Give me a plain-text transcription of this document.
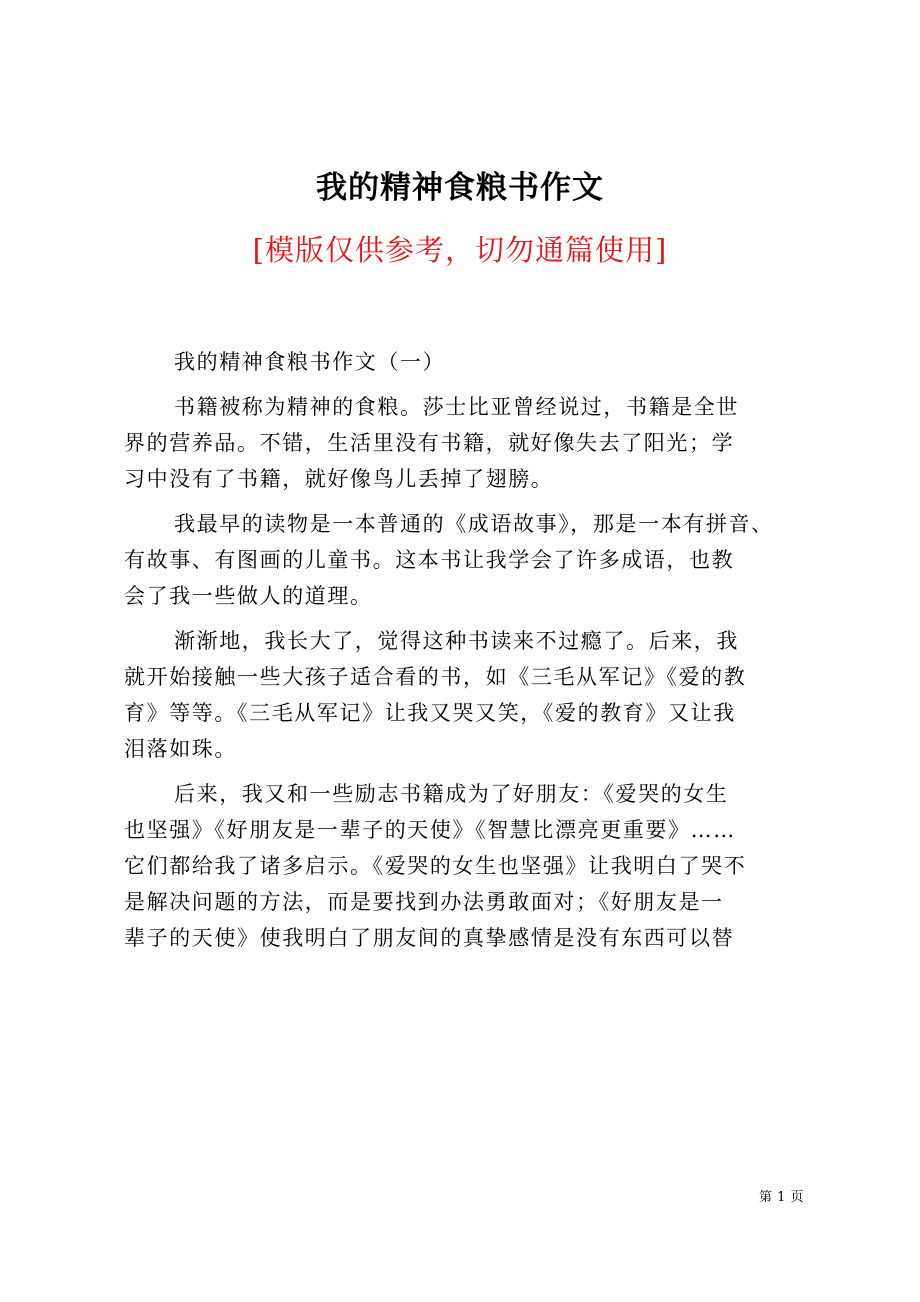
我的精神食粮书作文
[模版仅供参考，切勿通篇使用]
我的精神食粮书作文（一）
书籍被称为精神的食粮。莎士比亚曾经说过，书籍是全世
界的营养品。不错，生活里没有书籍，就好像失去了阳光；学
习中没有了书籍，就好像鸟儿丢掉了翅膀。
我最早的读物是一本普通的《成语故事》，那是一本有拼音、
有故事、有图画的儿童书。这本书让我学会了许多成语，也教
会了我一些做人的道理。
渐渐地，我长大了，觉得这种书读来不过瘾了。后来，我
就开始接触一些大孩子适合看的书，如《三毛从军记》《爱的教
育》等等。《三毛从军记》让我又哭又笑，《爱的教育》又让我
泪落如珠。
后来，我又和一些励志书籍成为了好朋友：《爱哭的女生
也坚强》《好朋友是一辈子的天使》《智慧比漂亮更重要》……
它们都给我了诸多启示。《爱哭的女生也坚强》让我明白了哭不
是解决问题的方法，而是要找到办法勇敢面对；《好朋友是一
辈子的天使》使我明白了朋友间的真挚感情是没有东西可以替
第 1 页
